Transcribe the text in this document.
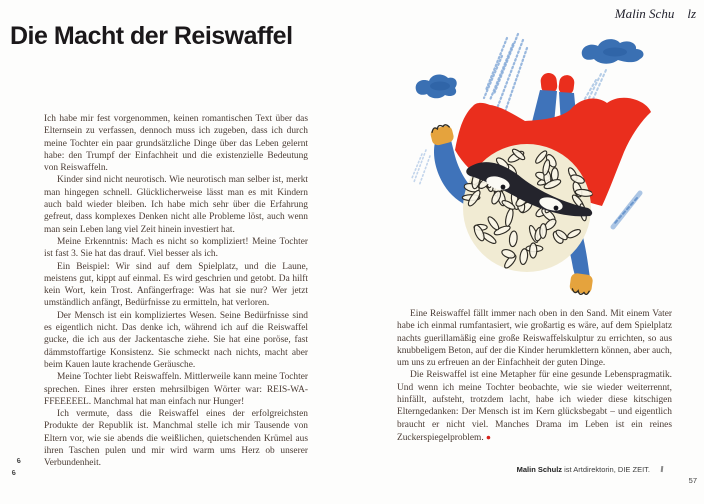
Die Macht der Reiswaffel

Ich habe mir fest vorgenommen, keinen romantischen Text über das Elternsein zu verfassen, dennoch muss ich zugeben, dass ich durch meine Tochter ein paar grundsätzliche Dinge über das Leben gelernt habe: den Trumpf der Einfachheit und die existenzielle Bedeutung von Reiswaffeln.

Kinder sind nicht neurotisch. Wie neurotisch man selber ist, merkt man hingegen schnell. Glücklicherweise lässt man es mit Kindern auch bald wieder bleiben. Ich habe mich sehr über die Erfahrung gefreut, dass komplexes Denken nicht alle Probleme löst, auch wenn man sein Leben lang viel Zeit hinein investiert hat.

Meine Erkenntnis: Mach es nicht so kompliziert! Meine Tochter ist fast 3. Sie hat das drauf. Viel besser als ich.

Ein Beispiel: Wir sind auf dem Spielplatz, und die Laune, meistens gut, kippt auf einmal. Es wird geschrien und getobt. Da hilft kein Wort, kein Trost. Anfängerfrage: Was hat sie nur? Wer jetzt umständlich anfängt, Bedürfnisse zu ermitteln, hat verloren.

Der Mensch ist ein kompliziertes Wesen. Seine Bedürfnisse sind es eigentlich nicht. Das denke ich, während ich auf die Reiswaffel gucke, die ich aus der Jackentasche ziehe. Sie hat eine poröse, fast dämmstoffartige Konsistenz. Sie schmeckt nach nichts, macht aber beim Kauen laute krachende Geräusche.

Meine Tochter liebt Reiswaffeln. Mittlerweile kann meine Tochter sprechen. Eines ihrer ersten mehrsilbigen Wörter war: REIS-WA-FFEEEEEL. Manchmal hat man einfach nur Hunger!

Ich vermute, dass die Reiswaffel eines der erfolgreichsten Produkte der Republik ist. Manchmal stelle ich mir Tausende von Eltern vor, wie sie abends die weißlichen, quietschenden Krümel aus ihren Taschen pulen und mir wird warm ums Herz ob unserer Verbundenheit.

6
6
Malin Schu lz

Eine Reiswaffel fällt immer nach oben in den Sand. Mit einem Vater habe ich einmal rumfantasiert, wie großartig es wäre, auf dem Spielplatz nachts guerillamäßig eine große Reiswaffelskulptur zu errichten, so aus knubbeligem Beton, auf der die Kinder herumklettern können, aber auch, um uns zu erfreuen an der Einfachheit der guten Dinge.

Die Reiswaffel ist eine Metapher für eine gesunde Lebenspragmatik. Und wenn ich meine Tochter beobachte, wie sie wieder weiterrennt, hinfällt, aufsteht, trotzdem lacht, habe ich wieder diese kitschigen Elterngedanken: Der Mensch ist im Kern glücksbegabt – und eigentlich braucht er nicht viel. Manches Drama im Leben ist ein reines Zuckerspiegelproblem. ●

Malin Schulz ist Artdirektorin, DIE ZEIT.
57
